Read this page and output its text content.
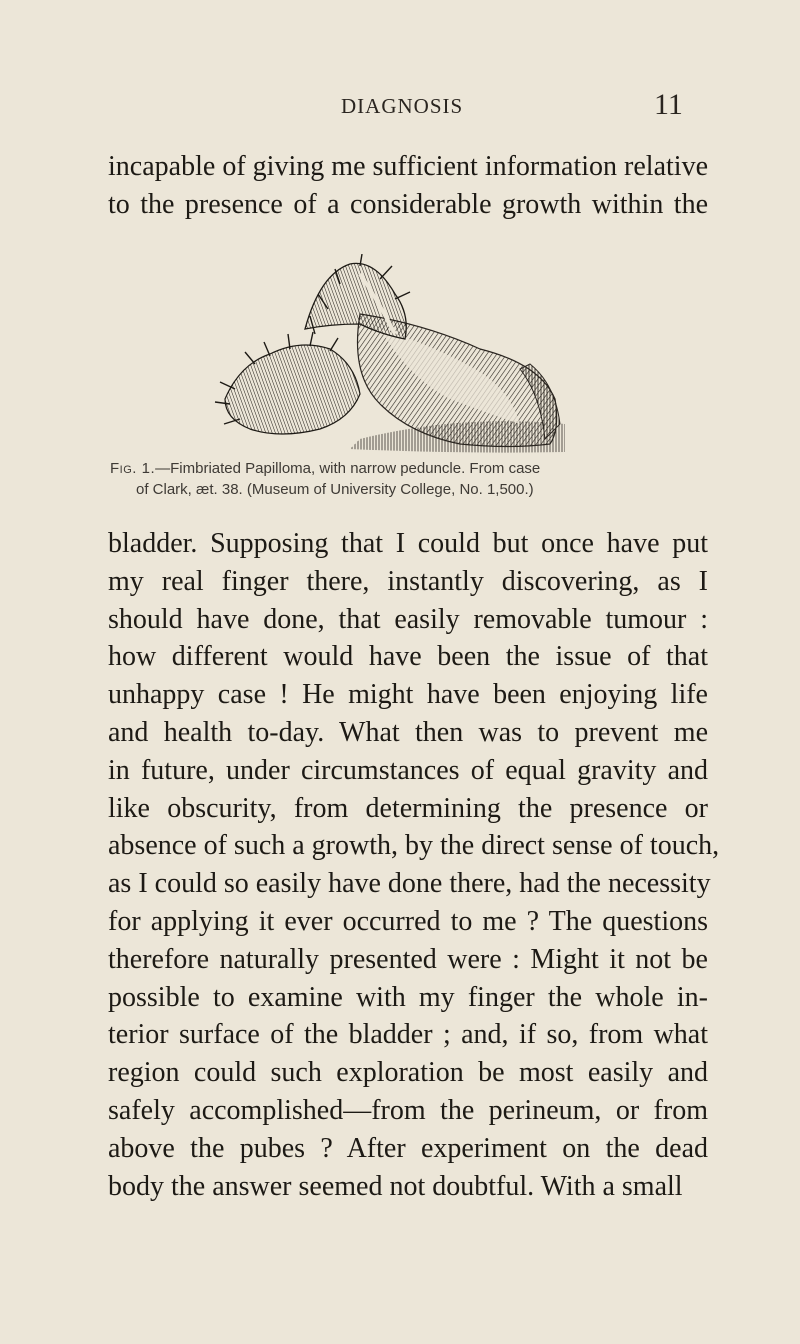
DIAGNOSIS	11
incapable of giving me sufficient information relative
to the presence of a considerable growth within the
Fig. 1.—Fimbriated Papilloma, with narrow peduncle. From case
of Clark, æt. 38. (Museum of University College, No. 1,500.)
bladder. Supposing that I could but once have put
my real finger there, instantly discovering, as I
should have done, that easily removable tumour :
how different would have been the issue of that
unhappy case ! He might have been enjoying life
and health to-day. What then was to prevent me
in future, under circumstances of equal gravity and
like obscurity, from determining the presence or
absence of such a growth, by the direct sense of touch,
as I could so easily have done there, had the necessity
for applying it ever occurred to me ? The questions
therefore naturally presented were : Might it not be
possible to examine with my finger the whole in-
terior surface of the bladder ; and, if so, from what
region could such exploration be most easily and
safely accomplished—from the perineum, or from
above the pubes ? After experiment on the dead
body the answer seemed not doubtful. With a small
